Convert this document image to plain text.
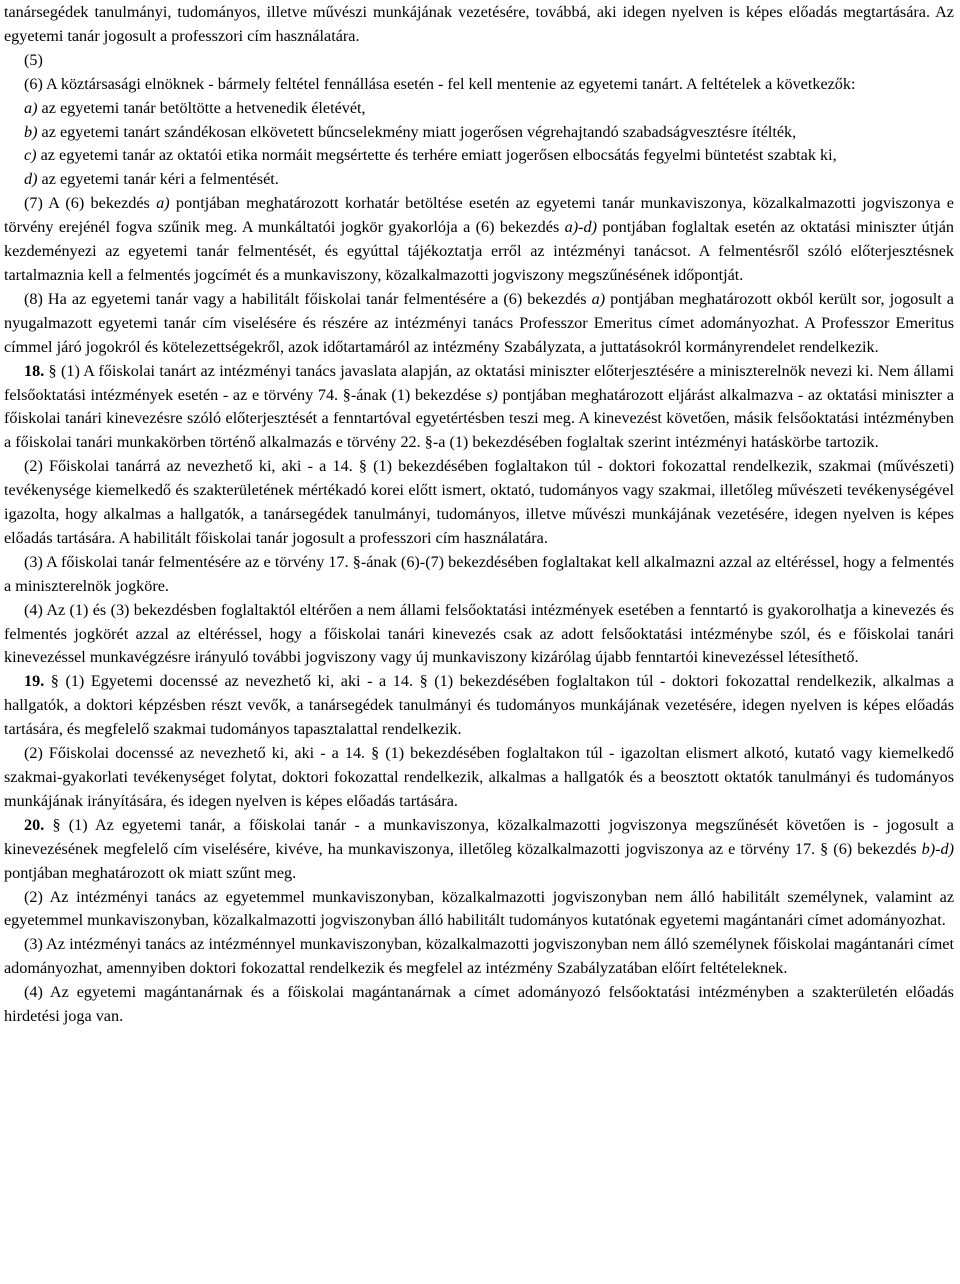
tanársegédek tanulmányi, tudományos, illetve művészi munkájának vezetésére, továbbá, aki idegen nyelven is képes előadás megtartására. Az egyetemi tanár jogosult a professzori cím használatára.

(5)

(6) A köztársasági elnöknek - bármely feltétel fennállása esetén - fel kell mentenie az egyetemi tanárt. A feltételek a következők:

a) az egyetemi tanár betöltötte a hetvenedik életévét,

b) az egyetemi tanárt szándékosan elkövetett bűncselekmény miatt jogerősen végrehajtandó szabadságvesztésre ítélték,

c) az egyetemi tanár az oktatói etika normáit megsértette és terhére emiatt jogerősen elbocsátás fegyelmi büntetést szabtak ki,

d) az egyetemi tanár kéri a felmentését.

(7) A (6) bekezdés a) pontjában meghatározott korhatár betöltése esetén az egyetemi tanár munkaviszonya, közalkalmazotti jogviszonya e törvény erejénél fogva szűnik meg. A munkáltatói jogkör gyakorlója a (6) bekezdés a)-d) pontjában foglaltak esetén az oktatási miniszter útján kezdeményezi az egyetemi tanár felmentését, és egyúttal tájékoztatja erről az intézményi tanácsot. A felmentésről szóló előterjesztésnek tartalmaznia kell a felmentés jogcímét és a munkaviszony, közalkalmazotti jogviszony megszűnésének időpontját.

(8) Ha az egyetemi tanár vagy a habilitált főiskolai tanár felmentésére a (6) bekezdés a) pontjában meghatározott okból került sor, jogosult a nyugalmazott egyetemi tanár cím viselésére és részére az intézményi tanács Professzor Emeritus címet adományozhat. A Professzor Emeritus címmel járó jogokról és kötelezettségekről, azok időtartamáról az intézmény Szabályzata, a juttatásokról kormányrendelet rendelkezik.

18. § (1) A főiskolai tanárt az intézményi tanács javaslata alapján, az oktatási miniszter előterjesztésére a miniszterelnök nevezi ki. Nem állami felsőoktatási intézmények esetén - az e törvény 74. §-ának (1) bekezdése s) pontjában meghatározott eljárást alkalmazva - az oktatási miniszter a főiskolai tanári kinevezésre szóló előterjesztését a fenntartóval egyetértésben teszi meg. A kinevezést követően, másik felsőoktatási intézményben a főiskolai tanári munkakörben történő alkalmazás e törvény 22. §-a (1) bekezdésében foglaltak szerint intézményi hatáskörbe tartozik.

(2) Főiskolai tanárrá az nevezhető ki, aki - a 14. § (1) bekezdésében foglaltakon túl - doktori fokozattal rendelkezik, szakmai (művészeti) tevékenysége kiemelkedő és szakterületének mértékadó korei előtt ismert, oktató, tudományos vagy szakmai, illetőleg művészeti tevékenységével igazolta, hogy alkalmas a hallgatók, a tanársegédek tanulmányi, tudományos, illetve művészi munkájának vezetésére, idegen nyelven is képes előadás tartására. A habilitált főiskolai tanár jogosult a professzori cím használatára.

(3) A főiskolai tanár felmentésére az e törvény 17. §-ának (6)-(7) bekezdésében foglaltakat kell alkalmazni azzal az eltéréssel, hogy a felmentés a miniszterelnök jogköre.

(4) Az (1) és (3) bekezdésben foglaltaktól eltérően a nem állami felsőoktatási intézmények esetében a fenntartó is gyakorolhatja a kinevezés és felmentés jogkörét azzal az eltéréssel, hogy a főiskolai tanári kinevezés csak az adott felsőoktatási intézménybe szól, és e főiskolai tanári kinevezéssel munkavégzésre irányuló további jogviszony vagy új munkaviszony kizárólag újabb fenntartói kinevezéssel létesíthető.

19. § (1) Egyetemi docenssé az nevezhető ki, aki - a 14. § (1) bekezdésében foglaltakon túl - doktori fokozattal rendelkezik, alkalmas a hallgatók, a doktori képzésben részt vevők, a tanársegédek tanulmányi és tudományos munkájának vezetésére, idegen nyelven is képes előadás tartására, és megfelelő szakmai tudományos tapasztalattal rendelkezik.

(2) Főiskolai docenssé az nevezhető ki, aki - a 14. § (1) bekezdésében foglaltakon túl - igazoltan elismert alkotó, kutató vagy kiemelkedő szakmai-gyakorlati tevékenységet folytat, doktori fokozattal rendelkezik, alkalmas a hallgatók és a beosztott oktatók tanulmányi és tudományos munkájának irányítására, és idegen nyelven is képes előadás tartására.

20. § (1) Az egyetemi tanár, a főiskolai tanár - a munkaviszonya, közalkalmazotti jogviszonya megszűnését követően is - jogosult a kinevezésének megfelelő cím viselésére, kivéve, ha munkaviszonya, illetőleg közalkalmazotti jogviszonya az e törvény 17. § (6) bekezdés b)-d) pontjában meghatározott ok miatt szűnt meg.

(2) Az intézményi tanács az egyetemmel munkaviszonyban, közalkalmazotti jogviszonyban nem álló habilitált személynek, valamint az egyetemmel munkaviszonyban, közalkalmazotti jogviszonyban álló habilitált tudományos kutatónak egyetemi magántanári címet adományozhat.

(3) Az intézményi tanács az intézménnyel munkaviszonyban, közalkalmazotti jogviszonyban nem álló személynek főiskolai magántanári címet adományozhat, amennyiben doktori fokozattal rendelkezik és megfelel az intézmény Szabályzatában előírt feltételeknek.

(4) Az egyetemi magántanárnak és a főiskolai magántanárnak a címet adományozó felsőoktatási intézményben a szakterületén előadás hirdetési joga van.
